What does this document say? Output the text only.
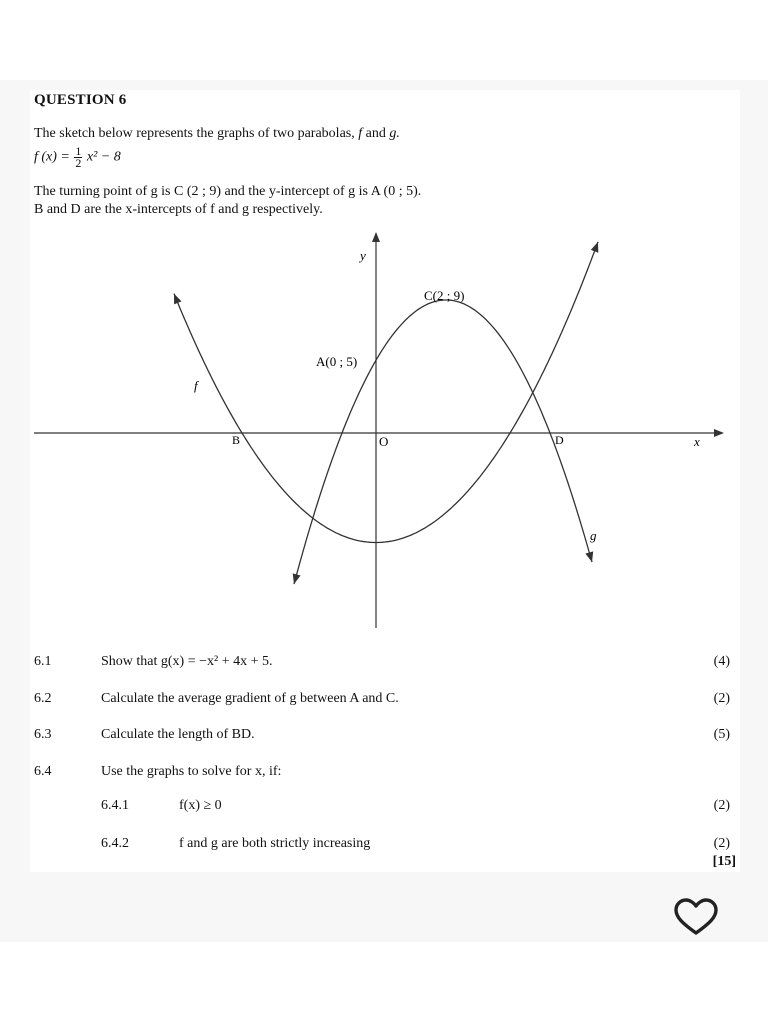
QUESTION 6
The sketch below represents the graphs of two parabolas, f and g.
f $(x) = \frac{1}{2} x^2 - 8$
The turning point of g is C (2 ; 9) and the y-intercept of g is A (0 ; 5).
B and D are the x-intercepts of f and g respectively.
y
x
C(2 ; 9)
A(0 ; 5)
O
B	D
f
g
6.1	Show that g(x) = −x² + 4x + 5.	(4)
6.2	Calculate the average gradient of g between A and C.	(2)
6.3	Calculate the length of BD.	(5)
6.4	Use the graphs to solve for x, if:
6.4.1	f(x) ≥ 0	(2)
6.4.2	f and g are both strictly increasing	(2)
[15]
